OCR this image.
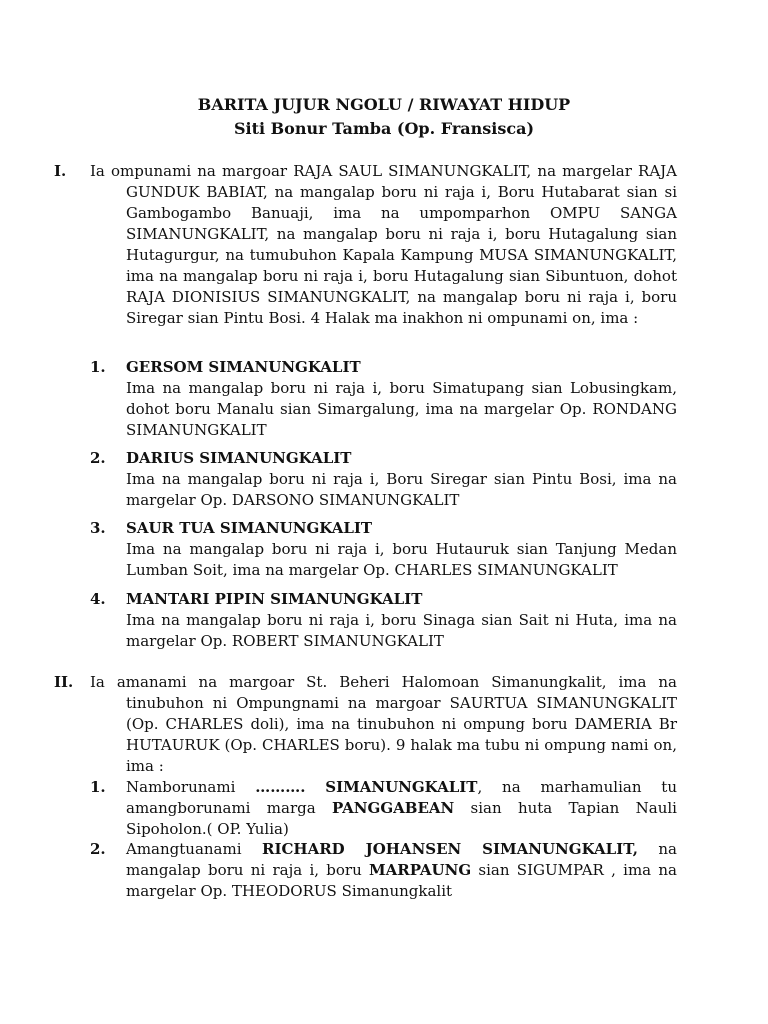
BARITA JUJUR NGOLU / RIWAYAT HIDUP
Siti Bonur Tamba (Op. Fransisca)
I. Ia ompunami na margoar RAJA SAUL SIMANUNGKALIT, na margelar RAJA GUNDUK BABIAT, na mangalap boru ni raja i, Boru Hutabarat sian si Gambogambo Banuaji, ima na umpomparhon OMPU SANGA SIMANUNGKALIT, na mangalap boru ni raja i, boru Hutagalung sian Hutagurgur, na tumubuhon Kapala Kampung MUSA SIMANUNGKALIT, ima na mangalap boru ni raja i, boru Hutagalung sian Sibuntuon, dohot RAJA DIONISIUS SIMANUNGKALIT, na mangalap boru ni raja i, boru Siregar sian Pintu Bosi. 4 Halak ma inakhon ni ompunami on, ima :
1. GERSOM SIMANUNGKALIT
Ima na mangalap boru ni raja i, boru Simatupang sian Lobusingkam, dohot boru Manalu sian Simargalung, ima na margelar Op. RONDANG SIMANUNGKALIT
2. DARIUS SIMANUNGKALIT
Ima na mangalap boru ni raja i, Boru Siregar sian Pintu Bosi, ima na margelar Op. DARSONO SIMANUNGKALIT
3. SAUR TUA SIMANUNGKALIT
Ima na mangalap boru ni raja i, boru Hutauruk sian Tanjung Medan Lumban Soit, ima na margelar Op. CHARLES SIMANUNGKALIT
4. MANTARI PIPIN SIMANUNGKALIT
Ima na mangalap boru ni raja i, boru Sinaga sian Sait ni Huta, ima na margelar Op. ROBERT SIMANUNGKALIT
II. Ia amanami na margoar St. Beheri Halomoan Simanungkalit, ima na tinubuhon ni Ompungnami na margoar SAURTUA SIMANUNGKALIT (Op. CHARLES doli), ima na tinubuhon ni ompung boru DAMERIA Br HUTAURUK (Op. CHARLES boru). 9 halak ma tubu ni ompung nami on, ima :
1. Namborunami ………. SIMANUNGKALIT, na marhamulian tu amangborunami marga PANGGABEAN sian huta Tapian Nauli Sipoholon.( OP. Yulia)
2. Amangtuanami RICHARD JOHANSEN SIMANUNGKALIT, na mangalap boru ni raja i, boru MARPAUNG sian SIGUMPAR , ima na margelar Op. THEODORUS Simanungkalit
